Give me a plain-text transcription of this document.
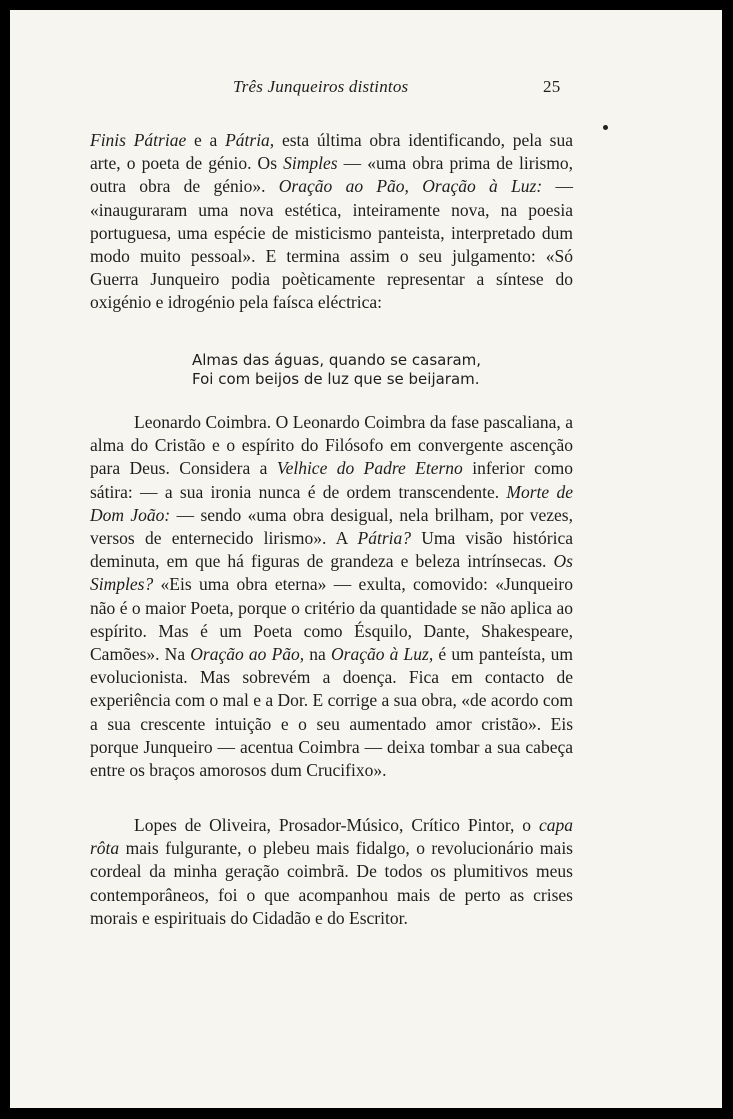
Três Junqueiros distintos	25

Finis Pátriae e a Pátria, esta última obra identificando, pela sua arte, o poeta de génio. Os Simples — «uma obra prima de lirismo, outra obra de génio». Oração ao Pão, Oração à Luz: — «inauguraram uma nova estética, inteiramente nova, na poesia portuguesa, uma espécie de misticismo panteista, interpretado dum modo muito pessoal». E termina assim o seu julgamento: «Só Guerra Junqueiro podia poèticamente representar a síntese do oxigénio e idrogénio pela faísca eléctrica:

Almas das águas, quando se casaram,
Foi com beijos de luz que se beijaram.

Leonardo Coimbra. O Leonardo Coimbra da fase pascaliana, a alma do Cristão e o espírito do Filósofo em convergente ascenção para Deus. Considera a Velhice do Padre Eterno inferior como sátira: — a sua ironia nunca é de ordem transcendente. Morte de Dom João: — sendo «uma obra desigual, nela brilham, por vezes, versos de enternecido lirismo». A Pátria? Uma visão histórica deminuta, em que há figuras de grandeza e beleza intrínsecas. Os Simples? «Eis uma obra eterna» — exulta, comovido: «Junqueiro não é o maior Poeta, porque o critério da quantidade se não aplica ao espírito. Mas é um Poeta como Ésquilo, Dante, Shakespeare, Camões». Na Oração ao Pão, na Oração à Luz, é um panteísta, um evolucionista. Mas sobrevém a doença. Fica em contacto de experiência com o mal e a Dor. E corrige a sua obra, «de acordo com a sua crescente intuição e o seu aumentado amor cristão». Eis porque Junqueiro — acentua Coimbra — deixa tombar a sua cabeça entre os braços amorosos dum Crucifixo».

Lopes de Oliveira, Prosador-Músico, Crítico Pintor, o capa rôta mais fulgurante, o plebeu mais fidalgo, o revolucionário mais cordeal da minha geração coimbrã. De todos os plumitivos meus contemporâneos, foi o que acompanhou mais de perto as crises morais e espirituais do Cidadão e do Escritor.
